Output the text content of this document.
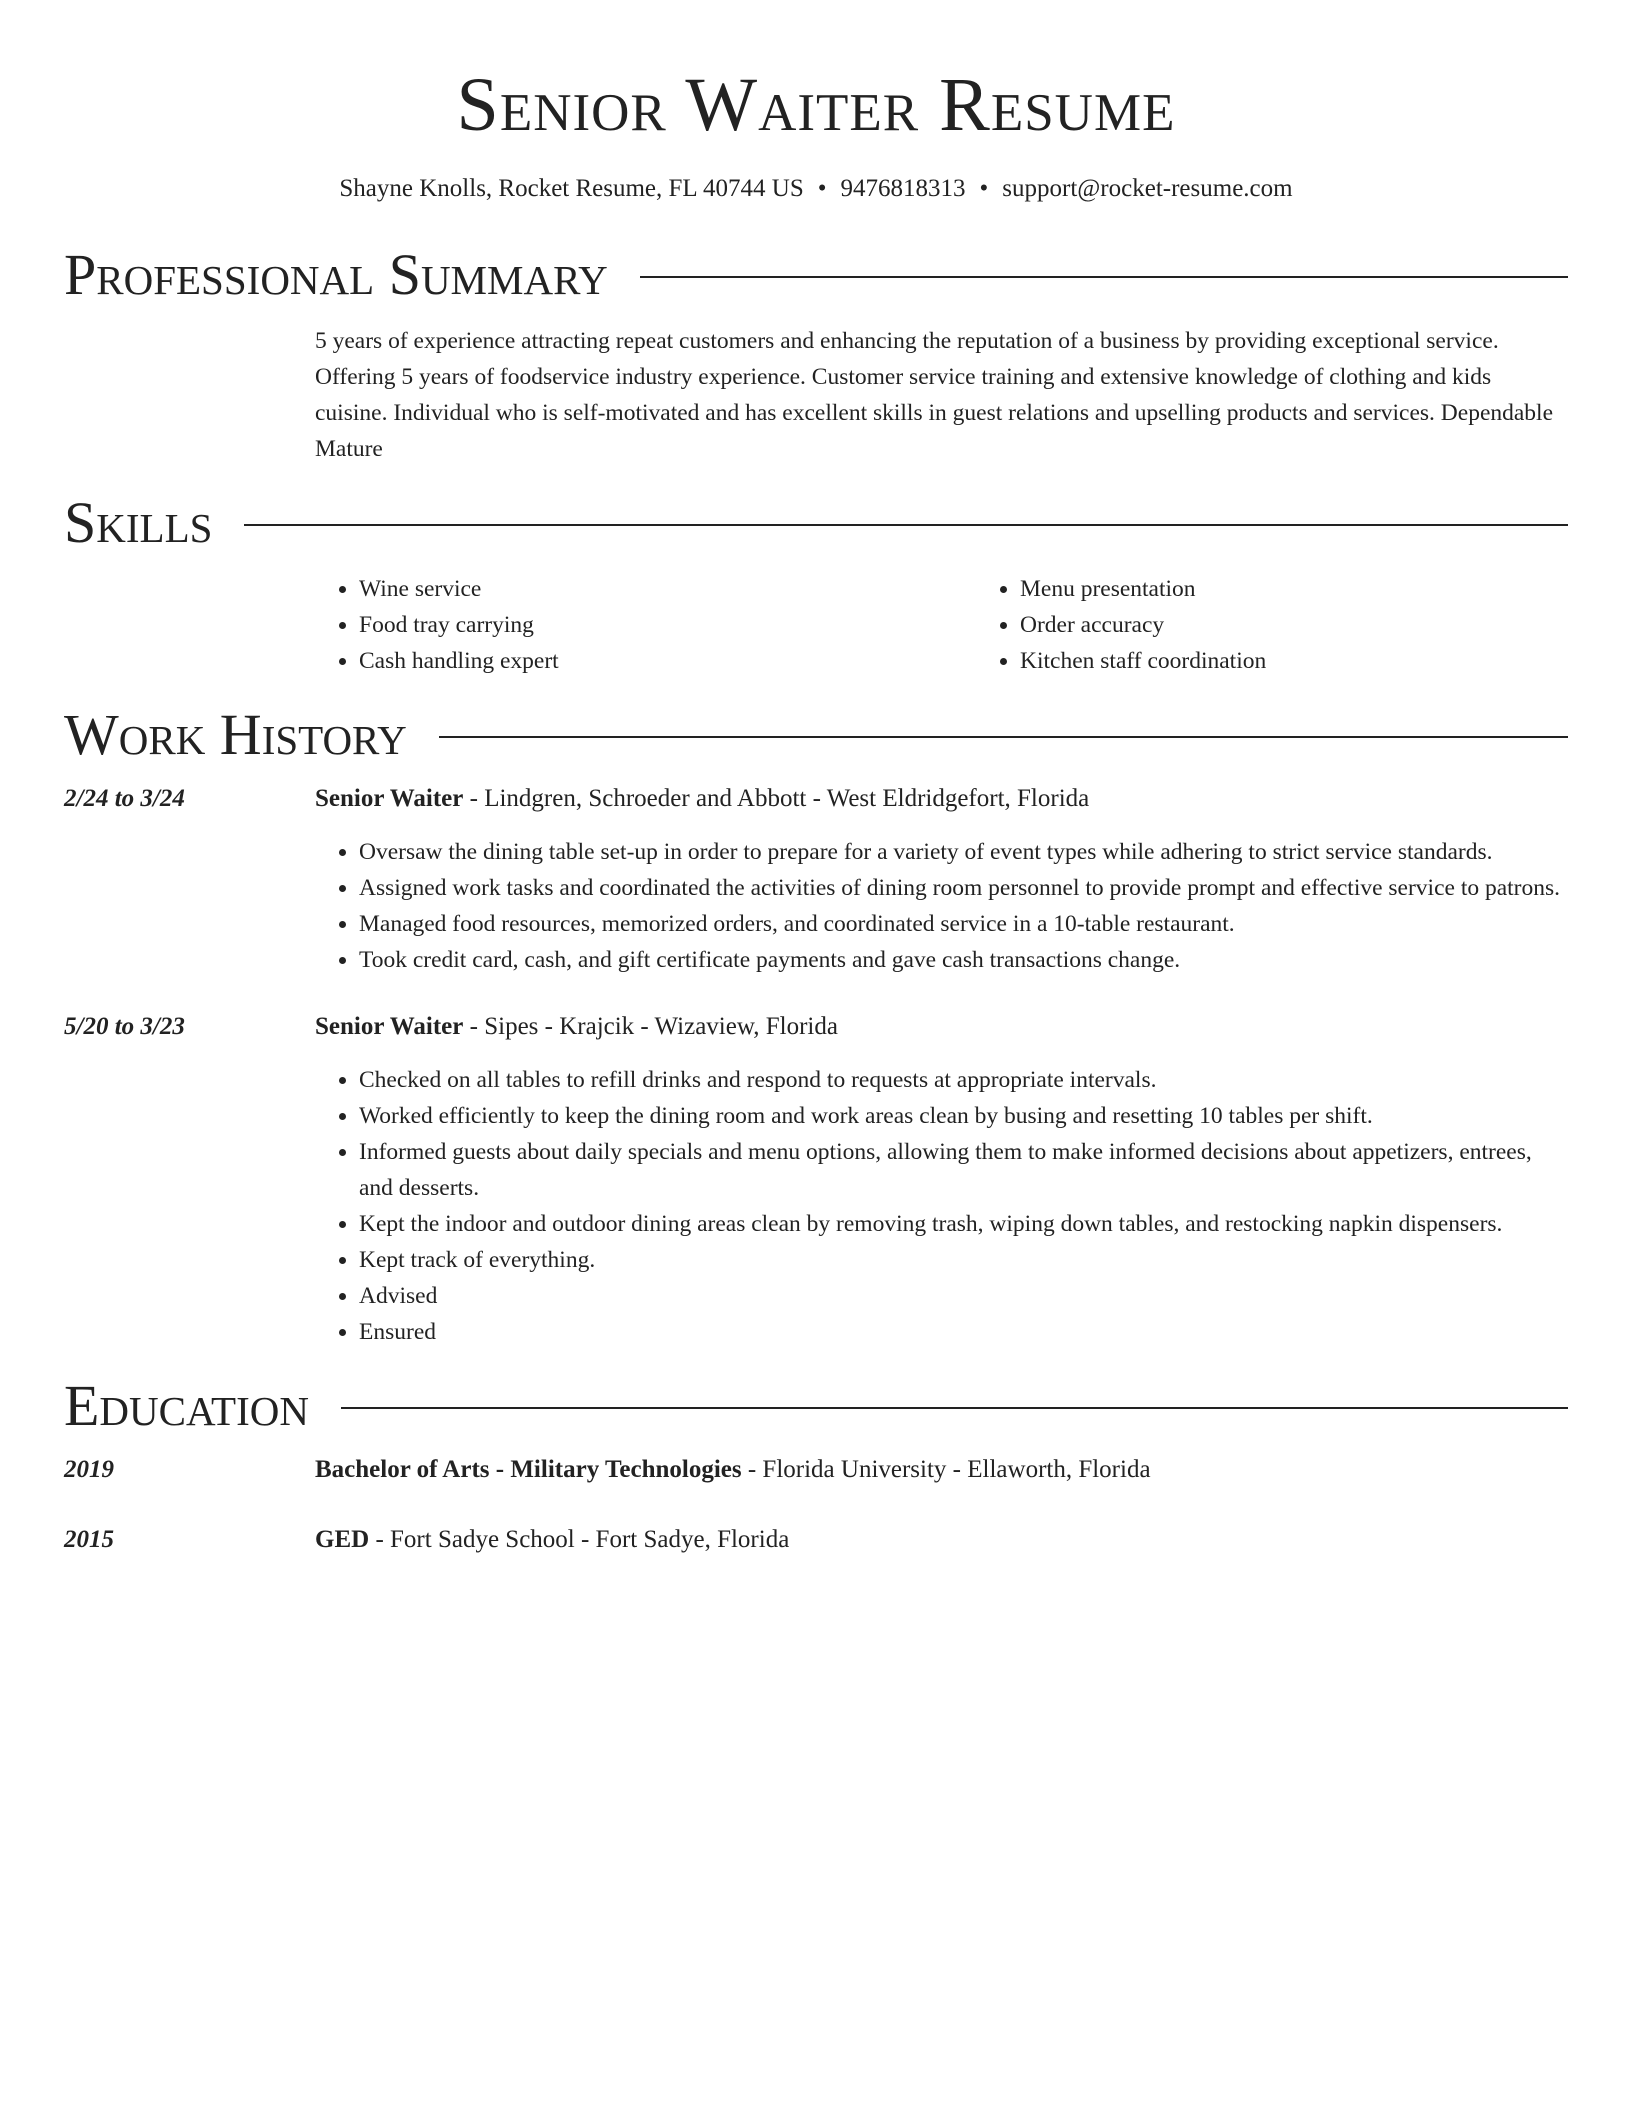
Senior Waiter Resume
Shayne Knolls, Rocket Resume, FL 40744 US • 9476818313 • support@rocket-resume.com
Professional Summary

5 years of experience attracting repeat customers and enhancing the reputation of a business by providing exceptional service. Offering 5 years of foodservice industry experience. Customer service training and extensive knowledge of clothing and kids cuisine. Individual who is self-motivated and has excellent skills in guest relations and upselling products and services. Dependable Mature

Skills
• Wine service
• Food tray carrying
• Cash handling expert
• Menu presentation
• Order accuracy
• Kitchen staff coordination
Work History
2/24 to 3/24	Senior Waiter - Lindgren, Schroeder and Abbott - West Eldridgefort, Florida
• Oversaw the dining table set-up in order to prepare for a variety of event types while adhering to strict service standards.
• Assigned work tasks and coordinated the activities of dining room personnel to provide prompt and effective service to patrons.
• Managed food resources, memorized orders, and coordinated service in a 10-table restaurant.
• Took credit card, cash, and gift certificate payments and gave cash transactions change.
5/20 to 3/23	Senior Waiter - Sipes - Krajcik - Wizaview, Florida
• Checked on all tables to refill drinks and respond to requests at appropriate intervals.
• Worked efficiently to keep the dining room and work areas clean by busing and resetting 10 tables per shift.
• Informed guests about daily specials and menu options, allowing them to make informed decisions about appetizers, entrees, and desserts.
• Kept the indoor and outdoor dining areas clean by removing trash, wiping down tables, and restocking napkin dispensers.
• Kept track of everything.
• Advised
• Ensured
Education
2019	Bachelor of Arts - Military Technologies - Florida University - Ellaworth, Florida
2015	GED - Fort Sadye School - Fort Sadye, Florida
